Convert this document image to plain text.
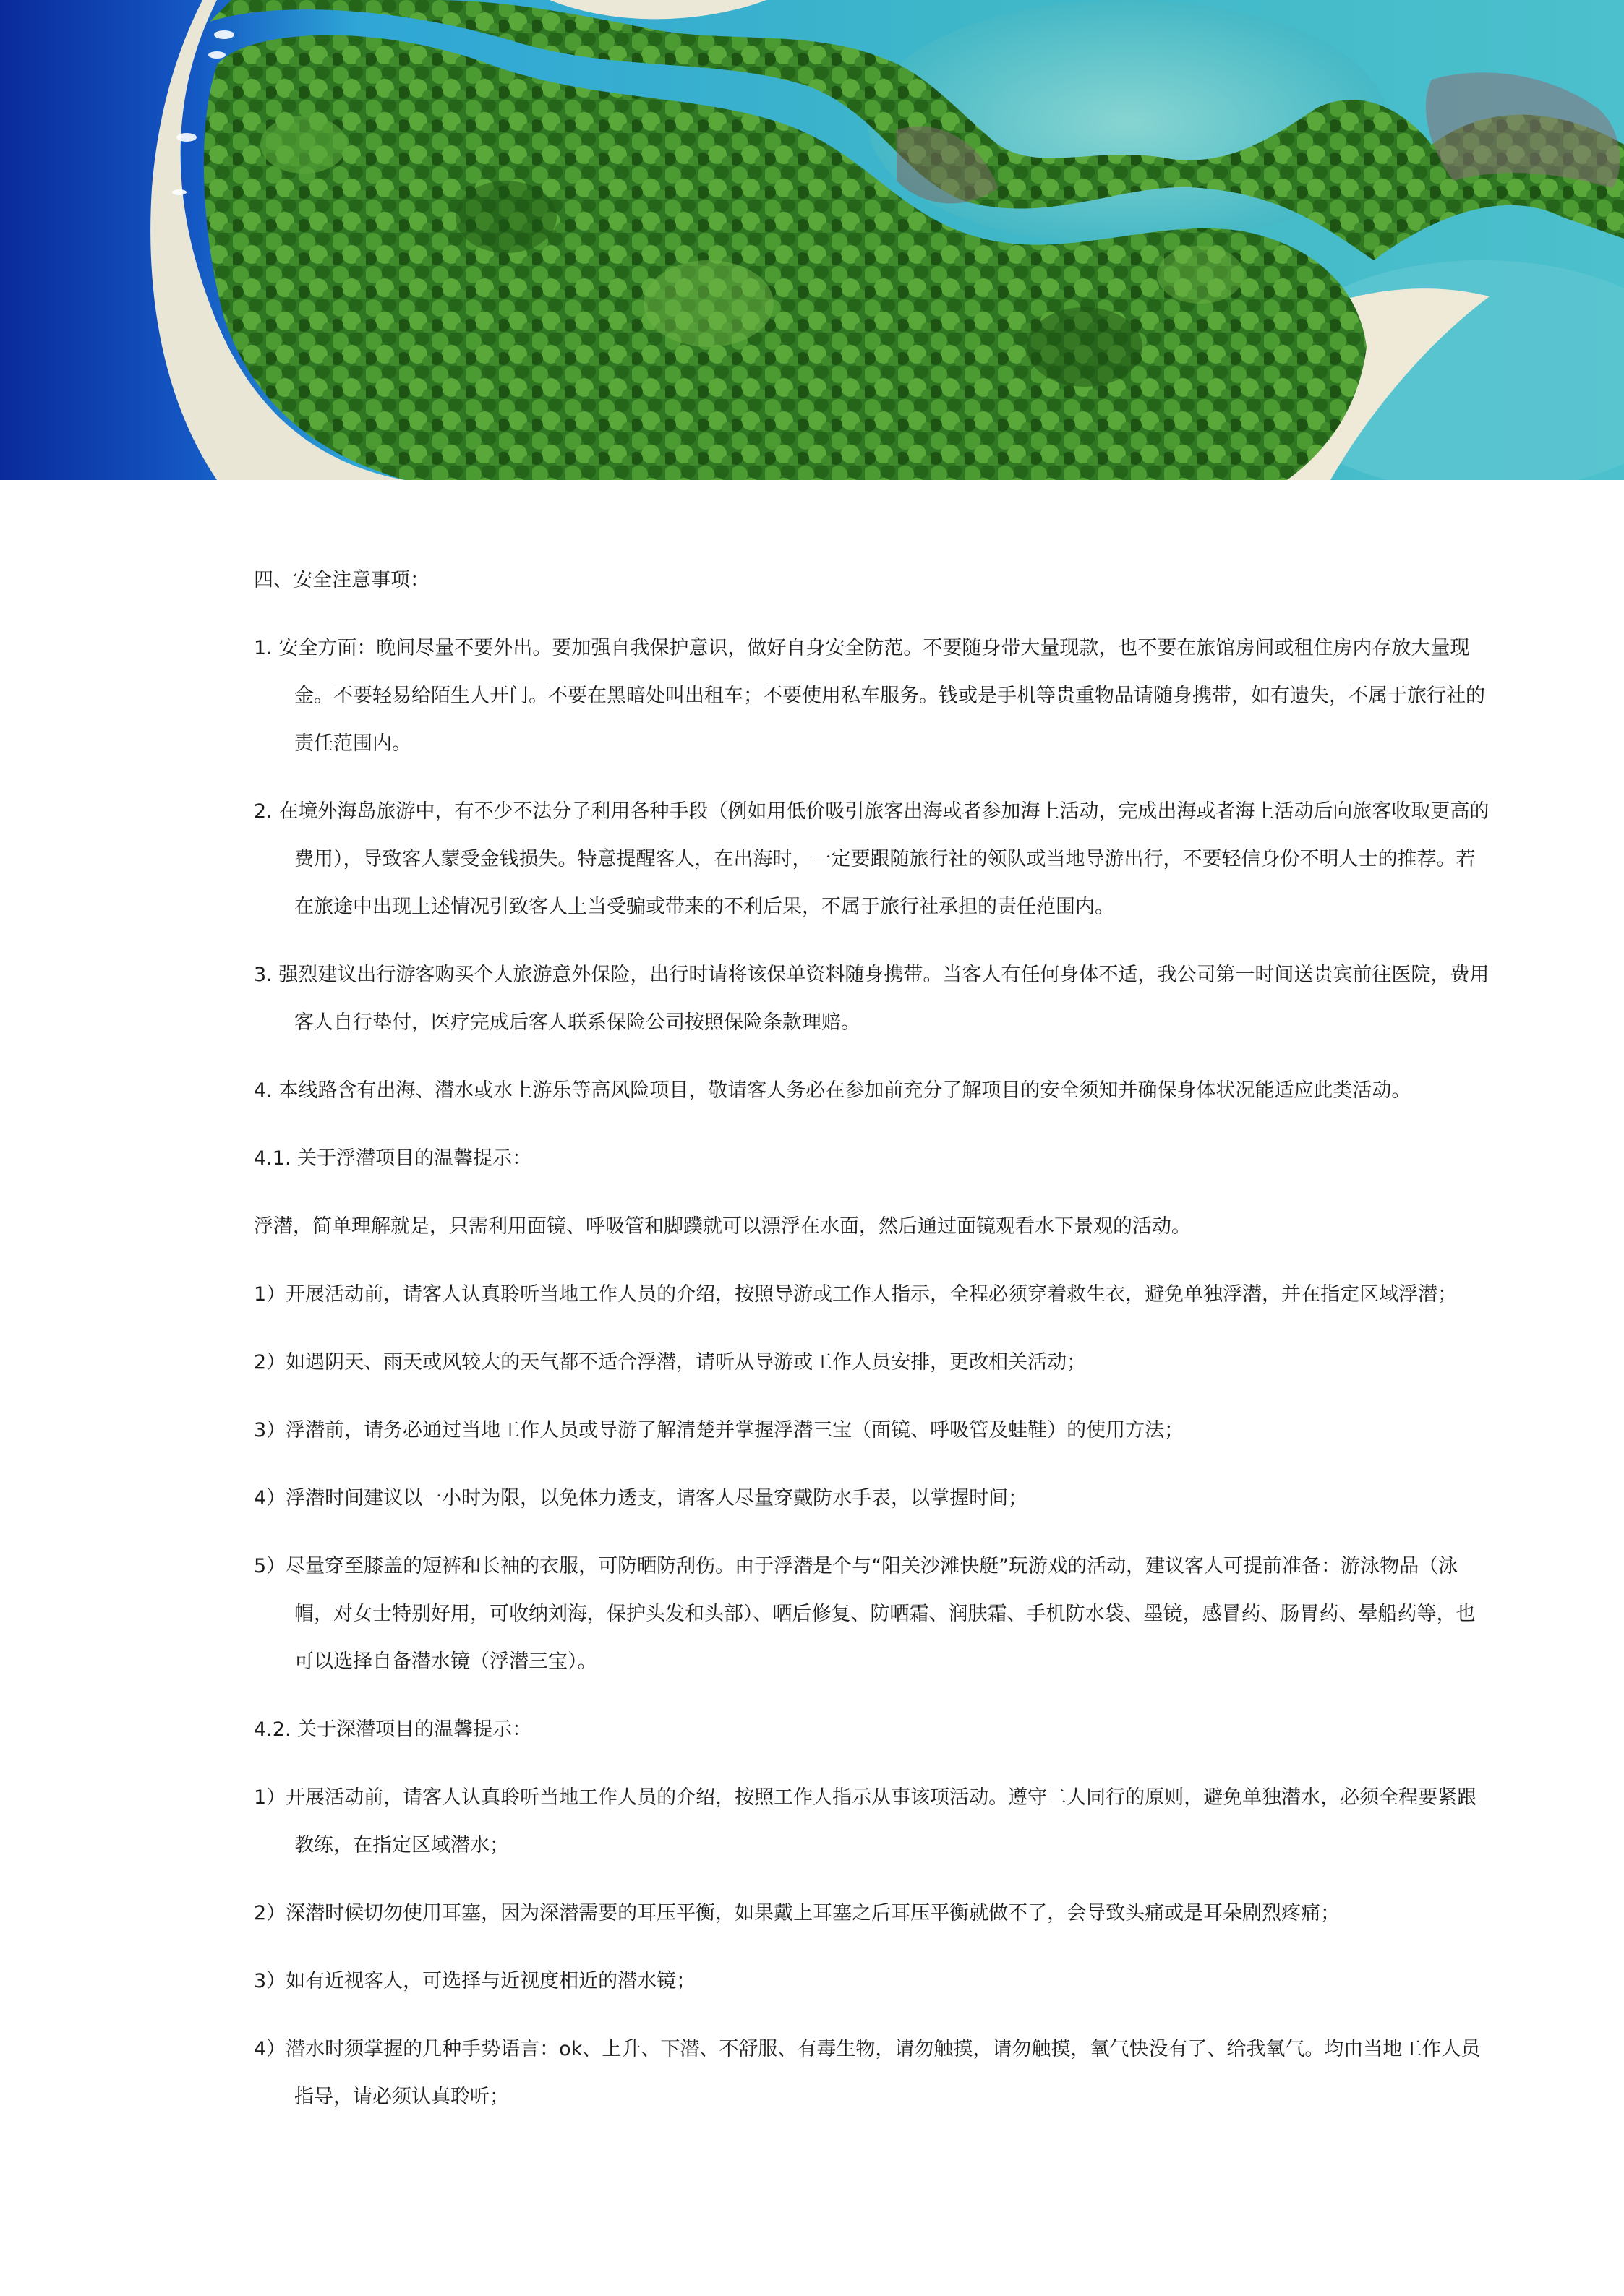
四、安全注意事项：

1. 安全方面：晚间尽量不要外出。要加强自我保护意识，做好自身安全防范。不要随身带大量现款，也不要在旅馆房间或租住房内存放大量现金。不要轻易给陌生人开门。不要在黑暗处叫出租车；不要使用私车服务。钱或是手机等贵重物品请随身携带，如有遗失，不属于旅行社的责任范围内。

2. 在境外海岛旅游中，有不少不法分子利用各种手段（例如用低价吸引旅客出海或者参加海上活动，完成出海或者海上活动后向旅客收取更高的费用），导致客人蒙受金钱损失。特意提醒客人，在出海时，一定要跟随旅行社的领队或当地导游出行，不要轻信身份不明人士的推荐。若在旅途中出现上述情况引致客人上当受骗或带来的不利后果，不属于旅行社承担的责任范围内。

3. 强烈建议出行游客购买个人旅游意外保险，出行时请将该保单资料随身携带。当客人有任何身体不适，我公司第一时间送贵宾前往医院，费用客人自行垫付，医疗完成后客人联系保险公司按照保险条款理赔。

4. 本线路含有出海、潜水或水上游乐等高风险项目，敬请客人务必在参加前充分了解项目的安全须知并确保身体状况能适应此类活动。

4.1. 关于浮潜项目的温馨提示：

浮潜，简单理解就是，只需利用面镜、呼吸管和脚蹼就可以漂浮在水面，然后通过面镜观看水下景观的活动。

1）开展活动前，请客人认真聆听当地工作人员的介绍，按照导游或工作人指示，全程必须穿着救生衣，避免单独浮潜，并在指定区域浮潜；

2）如遇阴天、雨天或风较大的天气都不适合浮潜，请听从导游或工作人员安排，更改相关活动；

3）浮潜前，请务必通过当地工作人员或导游了解清楚并掌握浮潜三宝（面镜、呼吸管及蛙鞋）的使用方法；

4）浮潜时间建议以一小时为限，以免体力透支，请客人尽量穿戴防水手表，以掌握时间；

5）尽量穿至膝盖的短裤和长袖的衣服，可防晒防刮伤。由于浮潜是个与“阳关沙滩快艇”玩游戏的活动，建议客人可提前准备：游泳物品（泳帽，对女士特别好用，可收纳刘海，保护头发和头部）、晒后修复、防晒霜、润肤霜、手机防水袋、墨镜，感冒药、肠胃药、晕船药等，也可以选择自备潜水镜（浮潜三宝）。

4.2. 关于深潜项目的温馨提示：

1）开展活动前，请客人认真聆听当地工作人员的介绍，按照工作人指示从事该项活动。遵守二人同行的原则，避免单独潜水，必须全程要紧跟教练，在指定区域潜水；

2）深潜时候切勿使用耳塞，因为深潜需要的耳压平衡，如果戴上耳塞之后耳压平衡就做不了，会导致头痛或是耳朵剧烈疼痛；

3）如有近视客人，可选择与近视度相近的潜水镜；

4）潜水时须掌握的几种手势语言：ok、上升、下潜、不舒服、有毒生物，请勿触摸，请勿触摸，氧气快没有了、给我氧气。均由当地工作人员指导，请必须认真聆听；
